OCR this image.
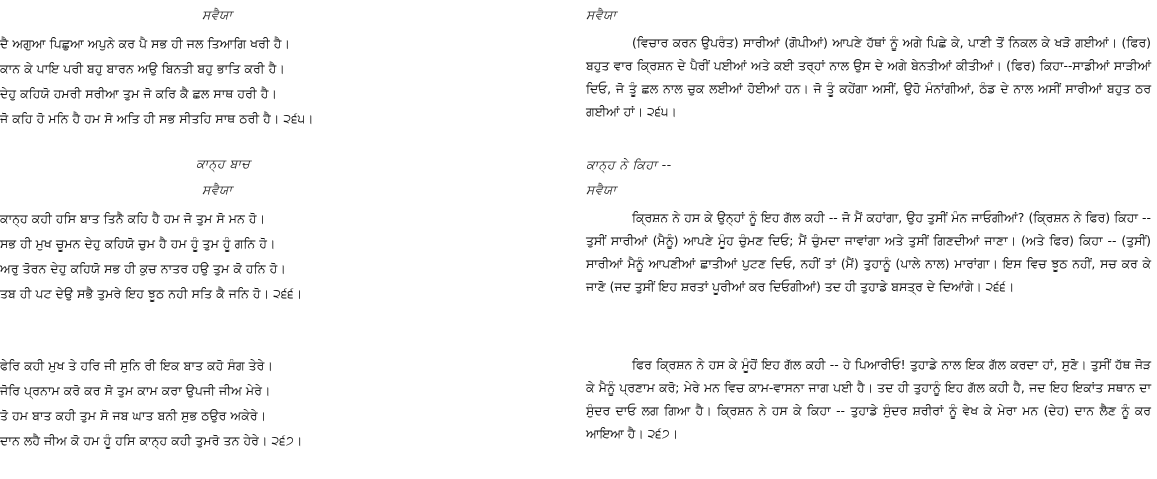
ਸਵੈਯਾ
ਦੈ ਅਗੁਆ ਪਿਛੁਆ ਅਪੁਨੇ ਕਰ ਪੈ ਸਭ ਹੀ ਜਲ ਤਿਆਗਿ ਖਰੀ ਹੈ।
ਕਾਨ ਕੇ ਪਾਇ ਪਰੀ ਬਹੁ ਬਾਰਨ ਅਉ ਬਿਨਤੀ ਬਹੁ ਭਾਤਿ ਕਰੀ ਹੈ।
ਦੇਹੁ ਕਹਿਯੋ ਹਮਰੀ ਸਰੀਆ ਤੁਮ ਜੋ ਕਰਿ ਕੈ ਛਲ ਸਾਥ ਹਰੀ ਹੈ।
ਜੋ ਕਹਿ ਹੋ ਮਨਿ ਹੈ ਹਮ ਸੋ ਅਤਿ ਹੀ ਸਭ ਸੀਤਹਿ ਸਾਥ ਠਰੀ ਹੈ। ੨੬੫।
ਕਾਨ੍ਹ ਬਾਚ
ਸਵੈਯਾ
ਕਾਨ੍ਹ ਕਹੀ ਹਸਿ ਬਾਤ ਤਿਨੈ ਕਹਿ ਹੈ ਹਮ ਜੋ ਤੁਮ ਸੋ ਮਨ ਹੋ।
ਸਭ ਹੀ ਮੁਖ ਚੂਮਨ ਦੇਹੁ ਕਹਿਯੋ ਚੁਮ ਹੈ ਹਮ ਹੂੰ ਤੁਮ ਹੂੰ ਗਨਿ ਹੋ।
ਅਰੁ ਤੋਰਨ ਦੇਹੁ ਕਹਿਯੋ ਸਭ ਹੀ ਕੁਚ ਨਾਤਰ ਹਉ ਤੁਮ ਕੋ ਹਨਿ ਹੋ।
ਤਬ ਹੀ ਪਟ ਦੇਉ ਸਭੈ ਤੁਮਰੇ ਇਹ ਝੂਠ ਨਹੀ ਸਤਿ ਕੈ ਜਨਿ ਹੋ। ੨੬੬।
ਫੇਰਿ ਕਹੀ ਮੁਖ ਤੇ ਹਰਿ ਜੀ ਸੁਨਿ ਰੀ ਇਕ ਬਾਤ ਕਹੋ ਸੰਗ ਤੇਰੇ।
ਜੋਰਿ ਪ੍ਰਨਾਮ ਕਰੋ ਕਰ ਸੋ ਤੁਮ ਕਾਮ ਕਰਾ ਉਪਜੀ ਜੀਅ ਮੇਰੇ।
ਤੋ ਹਮ ਬਾਤ ਕਹੀ ਤੁਮ ਸੋ ਜਬ ਘਾਤ ਬਨੀ ਸੁਭ ਠਉਰ ਅਕੇਰੇ।
ਦਾਨ ਲਹੈ ਜੀਅ ਕੋ ਹਮ ਹੂੰ ਹਸਿ ਕਾਨ੍ਹ ਕਹੀ ਤੁਮਰੋ ਤਨ ਹੇਰੇ। ੨੬੭।
ਸਵੈਯਾ
(ਵਿਚਾਰ ਕਰਨ ਉਪਰੰਤ) ਸਾਰੀਆਂ (ਗੋਪੀਆਂ) ਆਪਣੇ ਹੱਥਾਂ ਨੂੰ ਅਗੇ ਪਿਛੇ ਕੇ, ਪਾਣੀ ਤੋਂ ਨਿਕਲ ਕੇ ਖੜੋ ਗਈਆਂ। (ਫਿਰ) ਬਹੁਤ ਵਾਰ ਕ੍ਰਿਸ਼ਨ ਦੇ ਪੈਰੀਂ ਪਈਆਂ ਅਤੇ ਕਈ ਤਰ੍ਹਾਂ ਨਾਲ ਉਸ ਦੇ ਅਗੇ ਬੇਨਤੀਆਂ ਕੀਤੀਆਂ। (ਫਿਰ) ਕਿਹਾ--ਸਾਡੀਆਂ ਸਾੜੀਆਂ ਦਿਓ, ਜੋ ਤੂੰ ਛਲ ਨਾਲ ਚੁਕ ਲਈਆਂ ਹੋਈਆਂ ਹਨ। ਜੋ ਤੂੰ ਕਹੇਂਗਾ ਅਸੀਂ, ਉਹੋ ਮੰਨਾਂਗੀਆਂ, ਠੰਡ ਦੇ ਨਾਲ ਅਸੀਂ ਸਾਰੀਆਂ ਬਹੁਤ ਠਰ ਗਈਆਂ ਹਾਂ। ੨੬੫।
ਕਾਨ੍ਹ ਨੇ ਕਿਹਾ --
ਸਵੈਯਾ
ਕ੍ਰਿਸ਼ਨ ਨੇ ਹਸ ਕੇ ਉਨ੍ਹਾਂ ਨੂੰ ਇਹ ਗੱਲ ਕਹੀ -- ਜੋ ਮੈਂ ਕਹਾਂਗਾ, ਉਹ ਤੁਸੀਂ ਮੰਨ ਜਾਓਗੀਆਂ? (ਕ੍ਰਿਸ਼ਨ ਨੇ ਫਿਰ) ਕਿਹਾ -- ਤੁਸੀਂ ਸਾਰੀਆਂ (ਮੈਨੂੰ) ਆਪਣੇ ਮੂੰਹ ਚੁੰਮਣ ਦਿਓ; ਮੈਂ ਚੁੰਮਦਾ ਜਾਵਾਂਗਾ ਅਤੇ ਤੁਸੀਂ ਗਿਣਦੀਆਂ ਜਾਣਾ। (ਅਤੇ ਫਿਰ) ਕਿਹਾ -- (ਤੁਸੀਂ) ਸਾਰੀਆਂ ਮੈਨੂੰ ਆਪਣੀਆਂ ਛਾਤੀਆਂ ਪੁਟਣ ਦਿਓ, ਨਹੀਂ ਤਾਂ (ਮੈਂ) ਤੁਹਾਨੂੰ (ਪਾਲੇ ਨਾਲ) ਮਾਰਾਂਗਾ। ਇਸ ਵਿਚ ਝੂਠ ਨਹੀਂ, ਸਚ ਕਰ ਕੇ ਜਾਣੋ (ਜਦ ਤੁਸੀਂ ਇਹ ਸ਼ਰਤਾਂ ਪੂਰੀਆਂ ਕਰ ਦਿਓਗੀਆਂ) ਤਦ ਹੀ ਤੁਹਾਡੇ ਬਸਤ੍ਰ ਦੇ ਦਿਆਂਗੇ। ੨੬੬।
ਫਿਰ ਕ੍ਰਿਸ਼ਨ ਨੇ ਹਸ ਕੇ ਮੂੰਹੋਂ ਇਹ ਗੱਲ ਕਹੀ -- ਹੇ ਪਿਆਰੀਓ! ਤੁਹਾਡੇ ਨਾਲ ਇਕ ਗੱਲ ਕਰਦਾ ਹਾਂ, ਸੁਣੋ। ਤੁਸੀਂ ਹੱਥ ਜੋੜ ਕੇ ਮੈਨੂੰ ਪ੍ਰਣਾਮ ਕਰੋ; ਮੇਰੇ ਮਨ ਵਿਚ ਕਾਮ-ਵਾਸਨਾ ਜਾਗ ਪਈ ਹੈ। ਤਦ ਹੀ ਤੁਹਾਨੂੰ ਇਹ ਗੱਲ ਕਹੀ ਹੈ, ਜਦ ਇਹ ਇਕਾਂਤ ਸਥਾਨ ਦਾ ਸੁੰਦਰ ਦਾਓ ਲਗ ਗਿਆ ਹੈ। ਕ੍ਰਿਸ਼ਨ ਨੇ ਹਸ ਕੇ ਕਿਹਾ -- ਤੁਹਾਡੇ ਸੁੰਦਰ ਸ਼ਰੀਰਾਂ ਨੂੰ ਵੇਖ ਕੇ ਮੇਰਾ ਮਨ (ਦੇਹ) ਦਾਨ ਲੈਣ ਨੂੰ ਕਰ ਆਇਆ ਹੈ। ੨੬੭।
